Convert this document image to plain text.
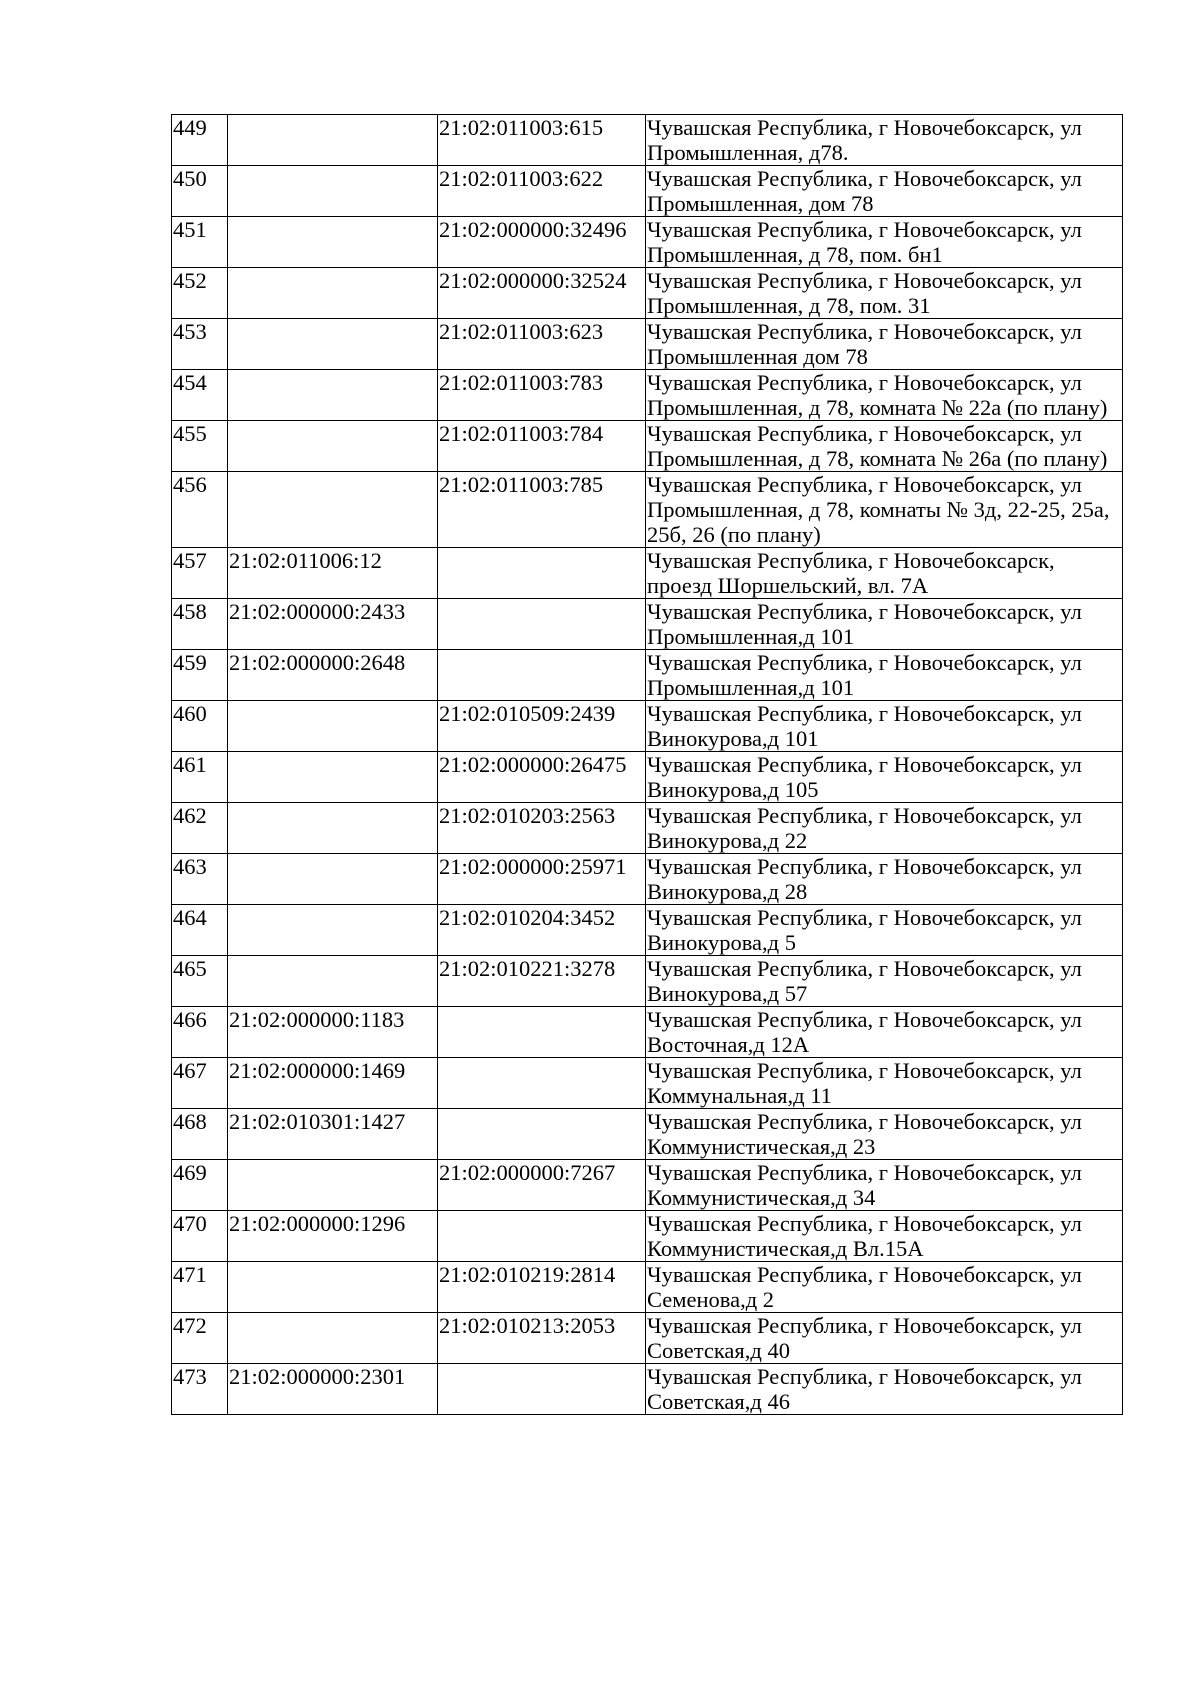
449		21:02:011003:615	Чувашская Республика, г Новочебоксарск, ул Промышленная, д78.
450		21:02:011003:622	Чувашская Республика, г Новочебоксарск, ул Промышленная, дом 78
451		21:02:000000:32496	Чувашская Республика, г Новочебоксарск, ул Промышленная, д 78, пом. бн1
452		21:02:000000:32524	Чувашская Республика, г Новочебоксарск, ул Промышленная, д 78, пом. 31
453		21:02:011003:623	Чувашская Республика, г Новочебоксарск, ул Промышленная дом 78
454		21:02:011003:783	Чувашская Республика, г Новочебоксарск, ул Промышленная, д 78, комната № 22а (по плану)
455		21:02:011003:784	Чувашская Республика, г Новочебоксарск, ул Промышленная, д 78, комната № 26а (по плану)
456		21:02:011003:785	Чувашская Республика, г Новочебоксарск, ул Промышленная, д 78, комнаты № 3д, 22-25, 25а, 25б, 26 (по плану)
457	21:02:011006:12		Чувашская Республика, г Новочебоксарск, проезд Шоршельский, вл. 7А
458	21:02:000000:2433		Чувашская Республика, г Новочебоксарск, ул Промышленная,д 101
459	21:02:000000:2648		Чувашская Республика, г Новочебоксарск, ул Промышленная,д 101
460		21:02:010509:2439	Чувашская Республика, г Новочебоксарск, ул Винокурова,д 101
461		21:02:000000:26475	Чувашская Республика, г Новочебоксарск, ул Винокурова,д 105
462		21:02:010203:2563	Чувашская Республика, г Новочебоксарск, ул Винокурова,д 22
463		21:02:000000:25971	Чувашская Республика, г Новочебоксарск, ул Винокурова,д 28
464		21:02:010204:3452	Чувашская Республика, г Новочебоксарск, ул Винокурова,д 5
465		21:02:010221:3278	Чувашская Республика, г Новочебоксарск, ул Винокурова,д 57
466	21:02:000000:1183		Чувашская Республика, г Новочебоксарск, ул Восточная,д 12А
467	21:02:000000:1469		Чувашская Республика, г Новочебоксарск, ул Коммунальная,д 11
468	21:02:010301:1427		Чувашская Республика, г Новочебоксарск, ул Коммунистическая,д 23
469		21:02:000000:7267	Чувашская Республика, г Новочебоксарск, ул Коммунистическая,д 34
470	21:02:000000:1296		Чувашская Республика, г Новочебоксарск, ул Коммунистическая,д Вл.15А
471		21:02:010219:2814	Чувашская Республика, г Новочебоксарск, ул Семенова,д 2
472		21:02:010213:2053	Чувашская Республика, г Новочебоксарск, ул Советская,д 40
473	21:02:000000:2301		Чувашская Республика, г Новочебоксарск, ул Советская,д 46
